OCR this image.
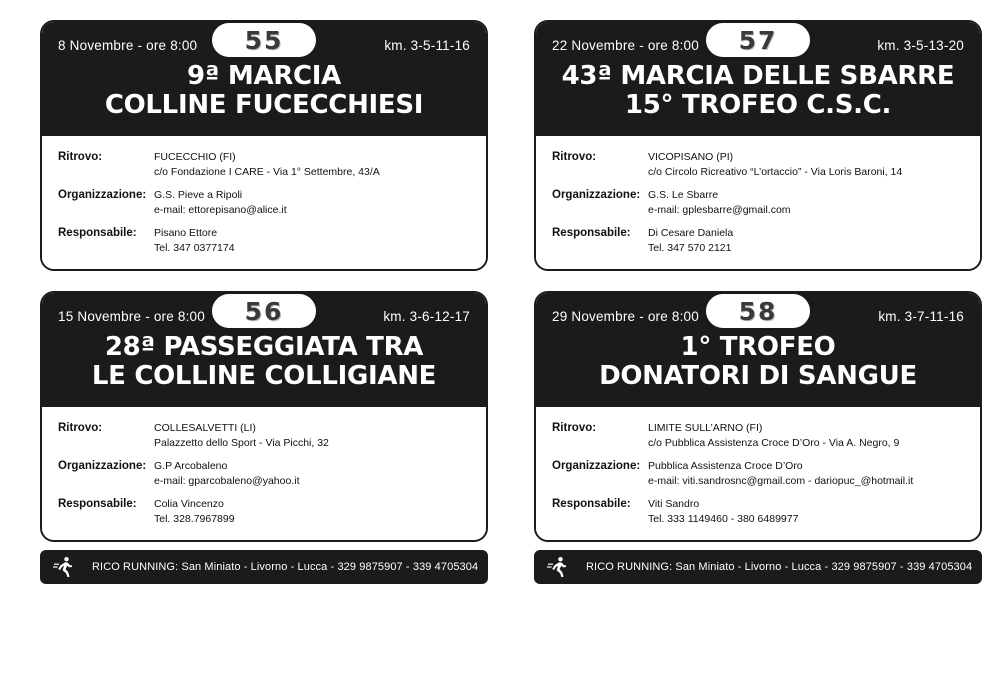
55
8 Novembre - ore 8:00	km. 3-5-11-16
9ª MARCIA
COLLINE FUCECCHIESI
Ritrovo:	FUCECCHIO (FI)
c/o Fondazione I CARE - Via 1° Settembre, 43/A
Organizzazione: G.S. Pieve a Ripoli
e-mail: ettorepisano@alice.it
Responsabile:	Pisano Ettore
Tel. 347 0377174
56
15 Novembre - ore 8:00	km. 3-6-12-17
28ª PASSEGGIATA TRA
LE COLLINE COLLIGIANE
Ritrovo:	COLLESALVETTI (LI)
Palazzetto dello Sport - Via Picchi, 32
Organizzazione: G.P Arcobaleno
e-mail: gparcobaleno@yahoo.it
Responsabile:	Colia Vincenzo
Tel. 328.7967899
RICO RUNNING: San Miniato - Livorno - Lucca - 329 9875907 - 339 4705304
57
22 Novembre - ore 8:00	km. 3-5-13-20
43ª MARCIA DELLE SBARRE
15° TROFEO C.S.C.
Ritrovo:	VICOPISANO (PI)
c/o Circolo Ricreativo “L’ortaccio” - Via Loris Baroni, 14
Organizzazione: G.S. Le Sbarre
e-mail: gplesbarre@gmail.com
Responsabile:	Di Cesare Daniela
Tel. 347 570 2121
58
29 Novembre - ore 8:00	km. 3-7-11-16
1° TROFEO
DONATORI DI SANGUE
Ritrovo:	LIMITE SULL’ARNO (FI)
c/o Pubblica Assistenza Croce D’Oro - Via A. Negro, 9
Organizzazione: Pubblica Assistenza Croce D’Oro
e-mail: viti.sandrosnc@gmail.com - dariopuc_@hotmail.it
Responsabile:	Viti Sandro
Tel. 333 1149460 - 380 6489977
RICO RUNNING: San Miniato - Livorno - Lucca - 329 9875907 - 339 4705304
